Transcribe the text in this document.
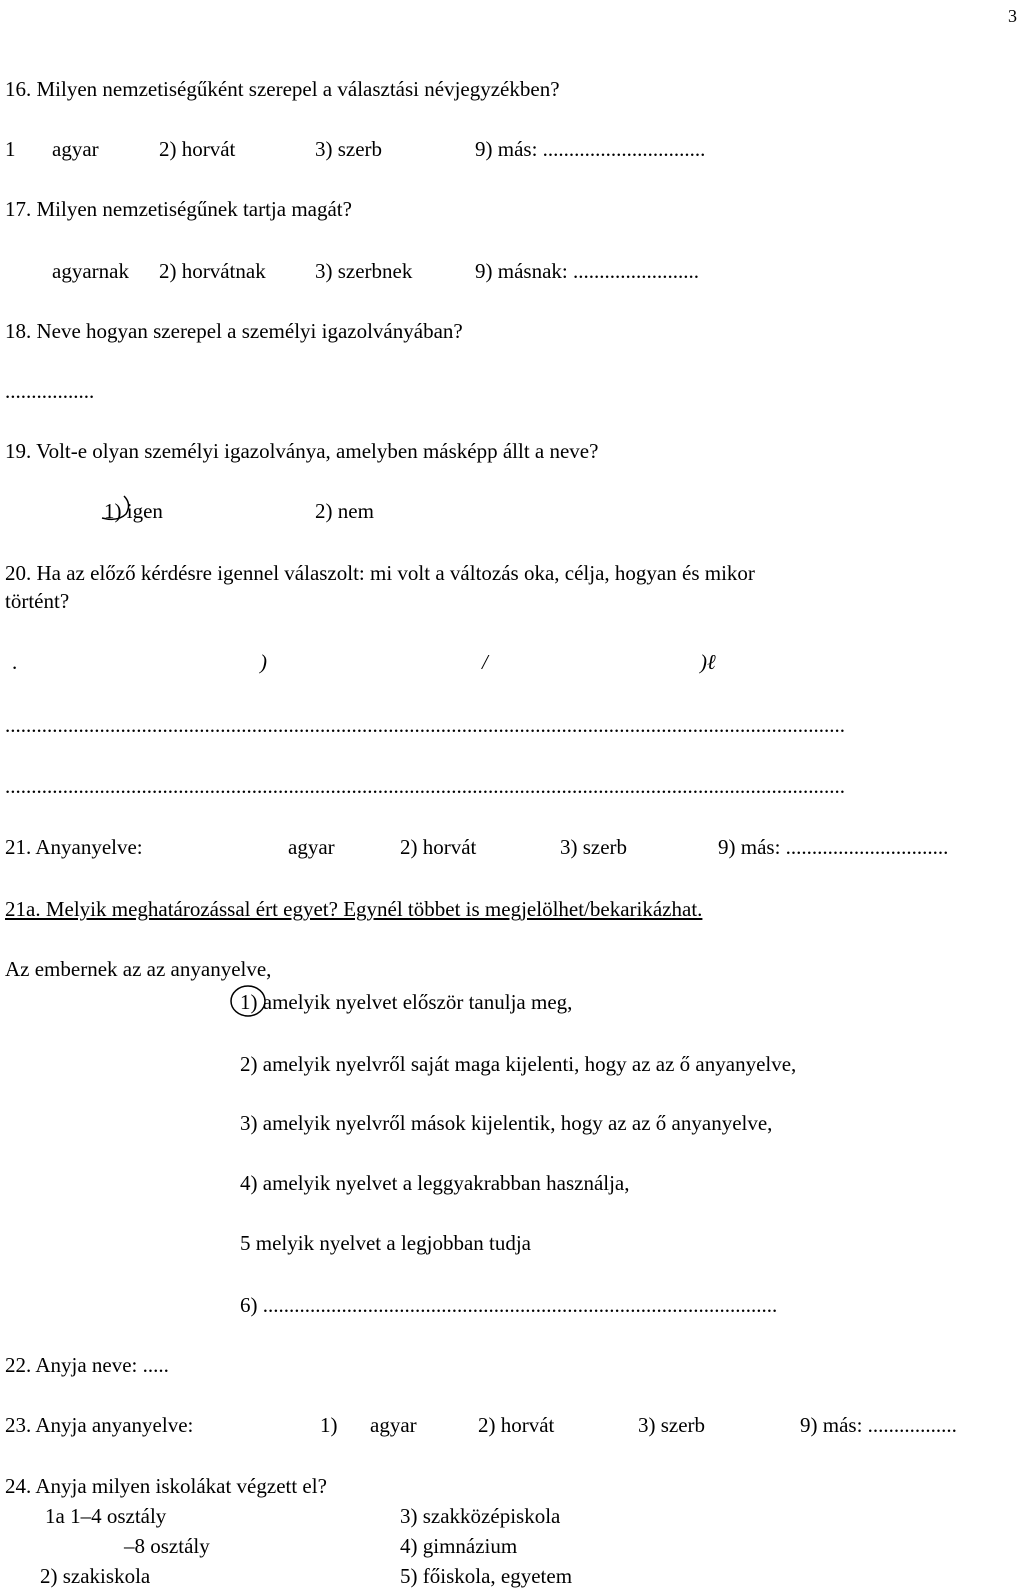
3
16. Milyen nemzetiségűként szerepel a választási névjegyzékben?
1 agyar	2) horvát	3) szerb	9) más: ...............................
17. Milyen nemzetiségűnek tartja magát?
agyarnak 2) horvátnak 3) szerbnek	9) másnak: ........................
18. Neve hogyan szerepel a személyi igazolványában?
.................
19. Volt-e olyan személyi igazolványa, amelyben másképp állt a neve?
1) igen	2) nem
20. Ha az előző kérdésre igennel válaszolt: mi volt a változás oka, célja, hogyan és mikor
történt?
.	)	/	)ℓ
................................................................................................................................................................
................................................................................................................................................................
21. Anyanyelve:	agyar	2) horvát	3) szerb	9) más: ...............................
21a. Melyik meghatározással ért egyet? Egynél többet is megjelölhet/bekarikázhat.
Az embernek az az anyanyelve,
1) amelyik nyelvet először tanulja meg,
2) amelyik nyelvről saját maga kijelenti, hogy az az ő anyanyelve,
3) amelyik nyelvről mások kijelentik, hogy az az ő anyanyelve,
4) amelyik nyelvet a leggyakrabban használja,
5 melyik nyelvet a legjobban tudja
6) ..................................................................................................
22. Anyja neve: .....
23. Anyja anyanyelve:	1) agyar	2) horvát	3) szerb	9) más: .................
24. Anyja milyen iskolákat végzett el?
1a 1–4 osztály
–8 osztály
2) szakiskola
3) szakközépiskola
4) gimnázium
5) főiskola, egyetem
